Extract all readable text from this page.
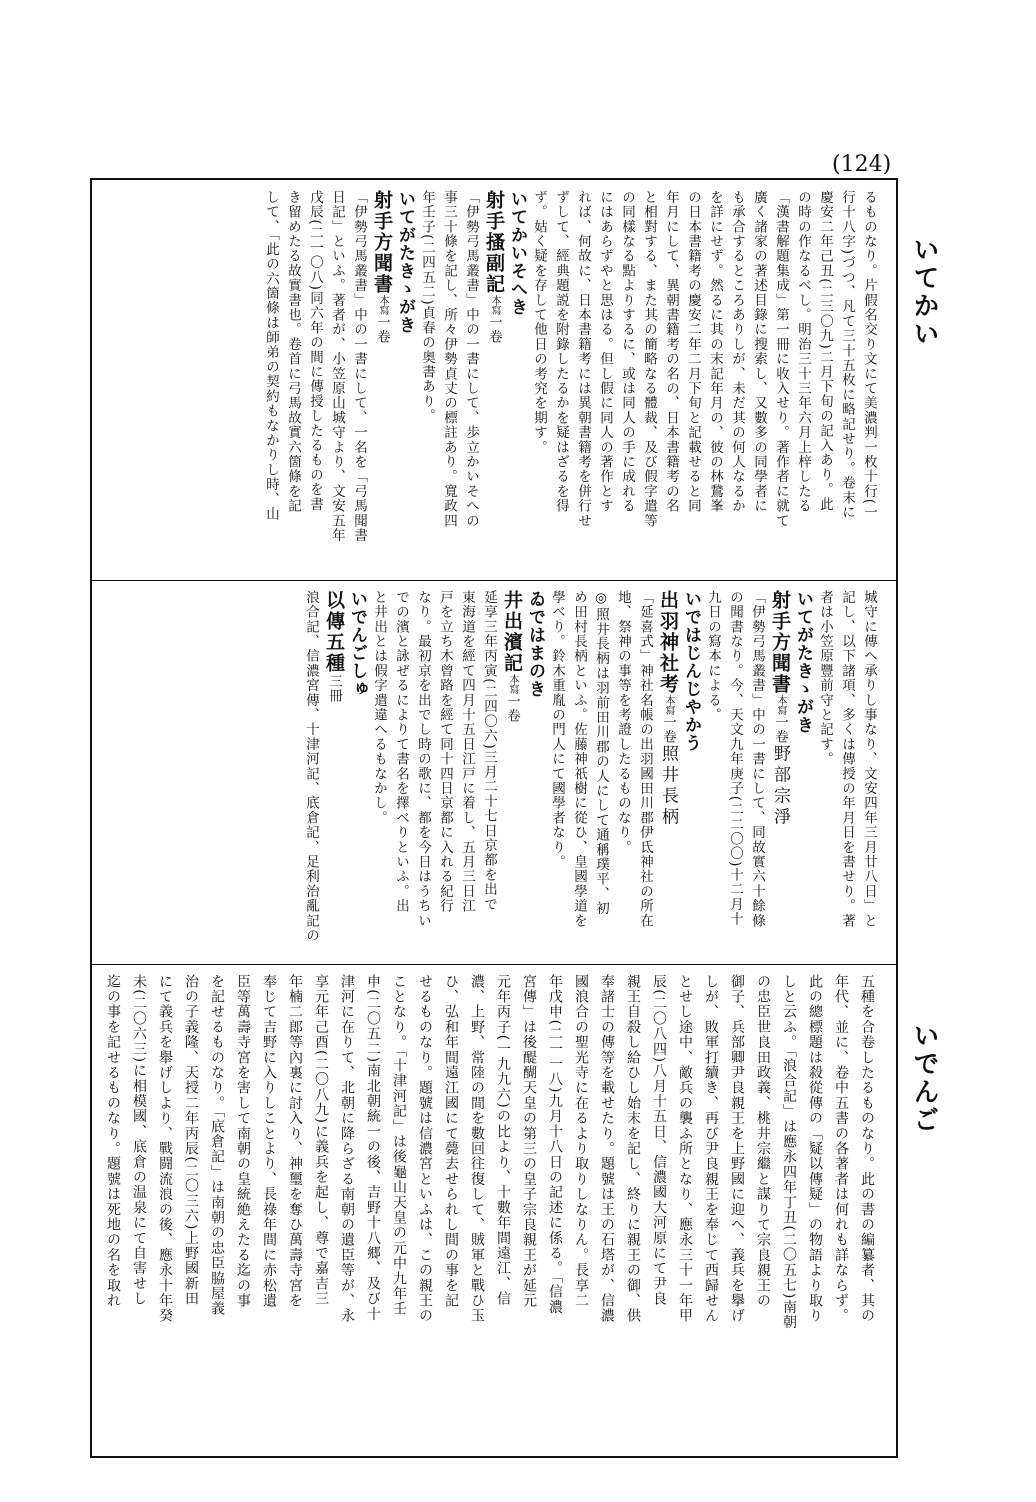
(124)
いてかい
いでんご
るものなり。片假名交り文にて美濃判一枚十行(一
行十八字)づつ、凡て三十五枚に略記せり。卷末に
慶安二年己丑(二三〇九)二月下旬の記入あり。此
の時の作なるべし。明治三十三年六月上梓したる
「漢書解題集成」第一冊に收入せり。著作者に就て
廣く諸家の著述目錄に搜索し、又數多の同學者に
も承合するところありしが、未だ其の何人なるか
を詳にせず。然るに其の末記年月の、彼の林鵞峯
の日本書籍考の慶安二年二月下旬と記載せると同
年月にして、異朝書籍考の名の、日本書籍考の名
と相對する、また其の簡略なる體裁、及び假字遣等
の同樣なる點よりするに、或は同人の手に成れる
にはあらずやと思はる。但し假に同人の著作とす
れば、何故に、日本書籍考には異朝書籍考を併行せ
ずして、經典題説を附錄したるかを疑はざるを得
ず。姑く疑を存して他日の考究を期す。
いてかいそへき
射手搔副記本寫一卷
「伊勢弓馬叢書」中の一書にして、歩立かいそへの
事三十條を記し、所々伊勢貞丈の標註あり。寬政四
年壬子(二四五二)貞春の奥書あり。
いてがたきゝがき
射手方聞書本寫一卷
「伊勢弓馬叢書」中の一書にして、一名を「弓馬聞書
日記」といふ。著者が、小笠原山城守より、文安五年
戊辰(二一〇八)同六年の間に傳授したるものを書
き留めたる故實書也。卷首に弓馬故實六箇條を記
して、「此の六箇條は師弟の契約もなかりし時、山
城守に傳へ承りし事なり、文安四年三月廿八日」と
記し、以下諸項、多くは傳授の年月日を書せり。著
者は小笠原豐前守と記す。
いてがたきゝがき
射手方聞書本寫一卷野部宗淨
「伊勢弓馬叢書」中の一書にして、同故實六十餘條
の聞書なり。今、天文九年庚子(二二〇〇)十二月十
九日の寫本による。
いではじんじやかう
出羽神社考本寫一卷照井長柄
「延喜式」神社名帳の出羽國田川郡伊氐神社の所在
地、祭神の事等を考證したるものなり。
◎照井長柄は羽前田川郡の人にして通稱璞平、初
め田村長柄といふ。佐藤神祇樹に從ひ、皇國學道を
學べり。鈴木重胤の門人にて國學者なり。
ゐではまのき
井出濱記本寫一卷
延享三年丙寅(二四〇六)三月二十七日京都を出で
東海道を經て四月十五日江戸に着し、五月三日江
戸を立ち木曾路を經て同十四日京都に入れる紀行
なり。最初京を出でし時の歌に、都を今日はうちい
での濱と詠ぜるによりて書名を擇べりといふ。出
と井出とは假字遣違へるもなかし。
いでんごしゅ
以傳五種三冊
浪合記、信濃宮傳、十津河記、底倉記、足利治亂記の
五種を合卷したるものなり。此の書の編纂者、其の
年代、並に、卷中五書の各著者は何れも詳ならず。
此の總標題は殺從傳の「疑以傳疑」の物語より取り
しと云ふ。「浪合記」は應永四年丁丑(二〇五七)南朝
の忠臣世良田政義、桃井宗繼と謀りて宗良親王の
御子、兵部卿尹良親王を上野國に迎へ、義兵を擧げ
しが、敗軍打續き、再び尹良親王を奉じて西歸せん
とせし途中、敵兵の襲ふ所となり、應永三十一年甲
辰(二〇八四)八月十五日、信濃國大河原にて尹良
親王自殺し給ひし始末を記し、終りに親王の御、供
奉諸士の傳等を載せたり。題號は王の石塔が、信濃
國浪合の聖光寺に在るより取りしなりん。長享二
年戊申(二一一八)九月十八日の記述に係る。「信濃
宮傳」は後醍醐天皇の第三の皇子宗良親王が延元
元年丙子(一九九六)の比より、十數年間遠江、信
濃、上野、常陸の間を數回往復して、賊軍と戰ひ玉
ひ、弘和年間遠江國にて薨去せられし間の事を記
せるものなり。題號は信濃宮といふは、この親王の
ことなり。「十津河記」は後龜山天皇の元中九年壬
申(二〇五二)南北朝統一の後、吉野十八郷、及び十
津河に在りて、北朝に降らざる南朝の遺臣等が、永
享元年己酉(二〇八九)に義兵を起し、尊で嘉吉三
年楠二郎等內裏に討入り、神璽を奪ひ萬壽寺宮を
奉じて吉野に入りしことより、長祿年間に赤松遺
臣等萬壽寺宮を害して南朝の皇統絶えたる迄の事
を記せるものなり。「底倉記」は南朝の忠臣脇屋義
治の子義隆、天授二年丙辰(二〇三六)上野國新田
にて義兵を舉げしより、戰闘流浪の後、應永十年癸
未(二〇六三)に相模國、底倉の温泉にて自害せし
迄の事を記せるものなり。題號は死地の名を取れ
